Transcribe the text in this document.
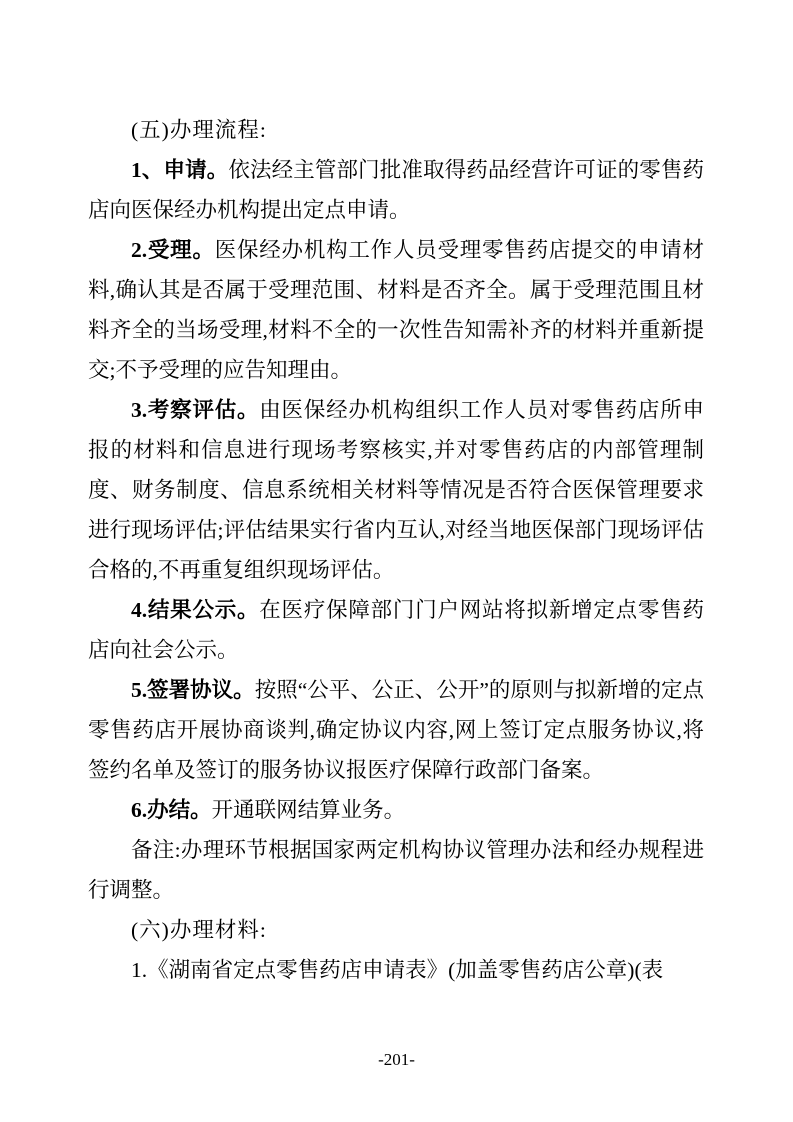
(五)办理流程:

1、申请。依法经主管部门批准取得药品经营许可证的零售药店向医保经办机构提出定点申请。

2.受理。医保经办机构工作人员受理零售药店提交的申请材料,确认其是否属于受理范围、材料是否齐全。属于受理范围且材料齐全的当场受理,材料不全的一次性告知需补齐的材料并重新提交;不予受理的应告知理由。

3.考察评估。由医保经办机构组织工作人员对零售药店所申报的材料和信息进行现场考察核实,并对零售药店的内部管理制度、财务制度、信息系统相关材料等情况是否符合医保管理要求进行现场评估;评估结果实行省内互认,对经当地医保部门现场评估合格的,不再重复组织现场评估。

4.结果公示。在医疗保障部门门户网站将拟新增定点零售药店向社会公示。

5.签署协议。按照“公平、公正、公开”的原则与拟新增的定点零售药店开展协商谈判,确定协议内容,网上签订定点服务协议,将签约名单及签订的服务协议报医疗保障行政部门备案。

6.办结。开通联网结算业务。

备注:办理环节根据国家两定机构协议管理办法和经办规程进行调整。

(六)办理材料:

1.《湖南省定点零售药店申请表》(加盖零售药店公章)(表

-201-
